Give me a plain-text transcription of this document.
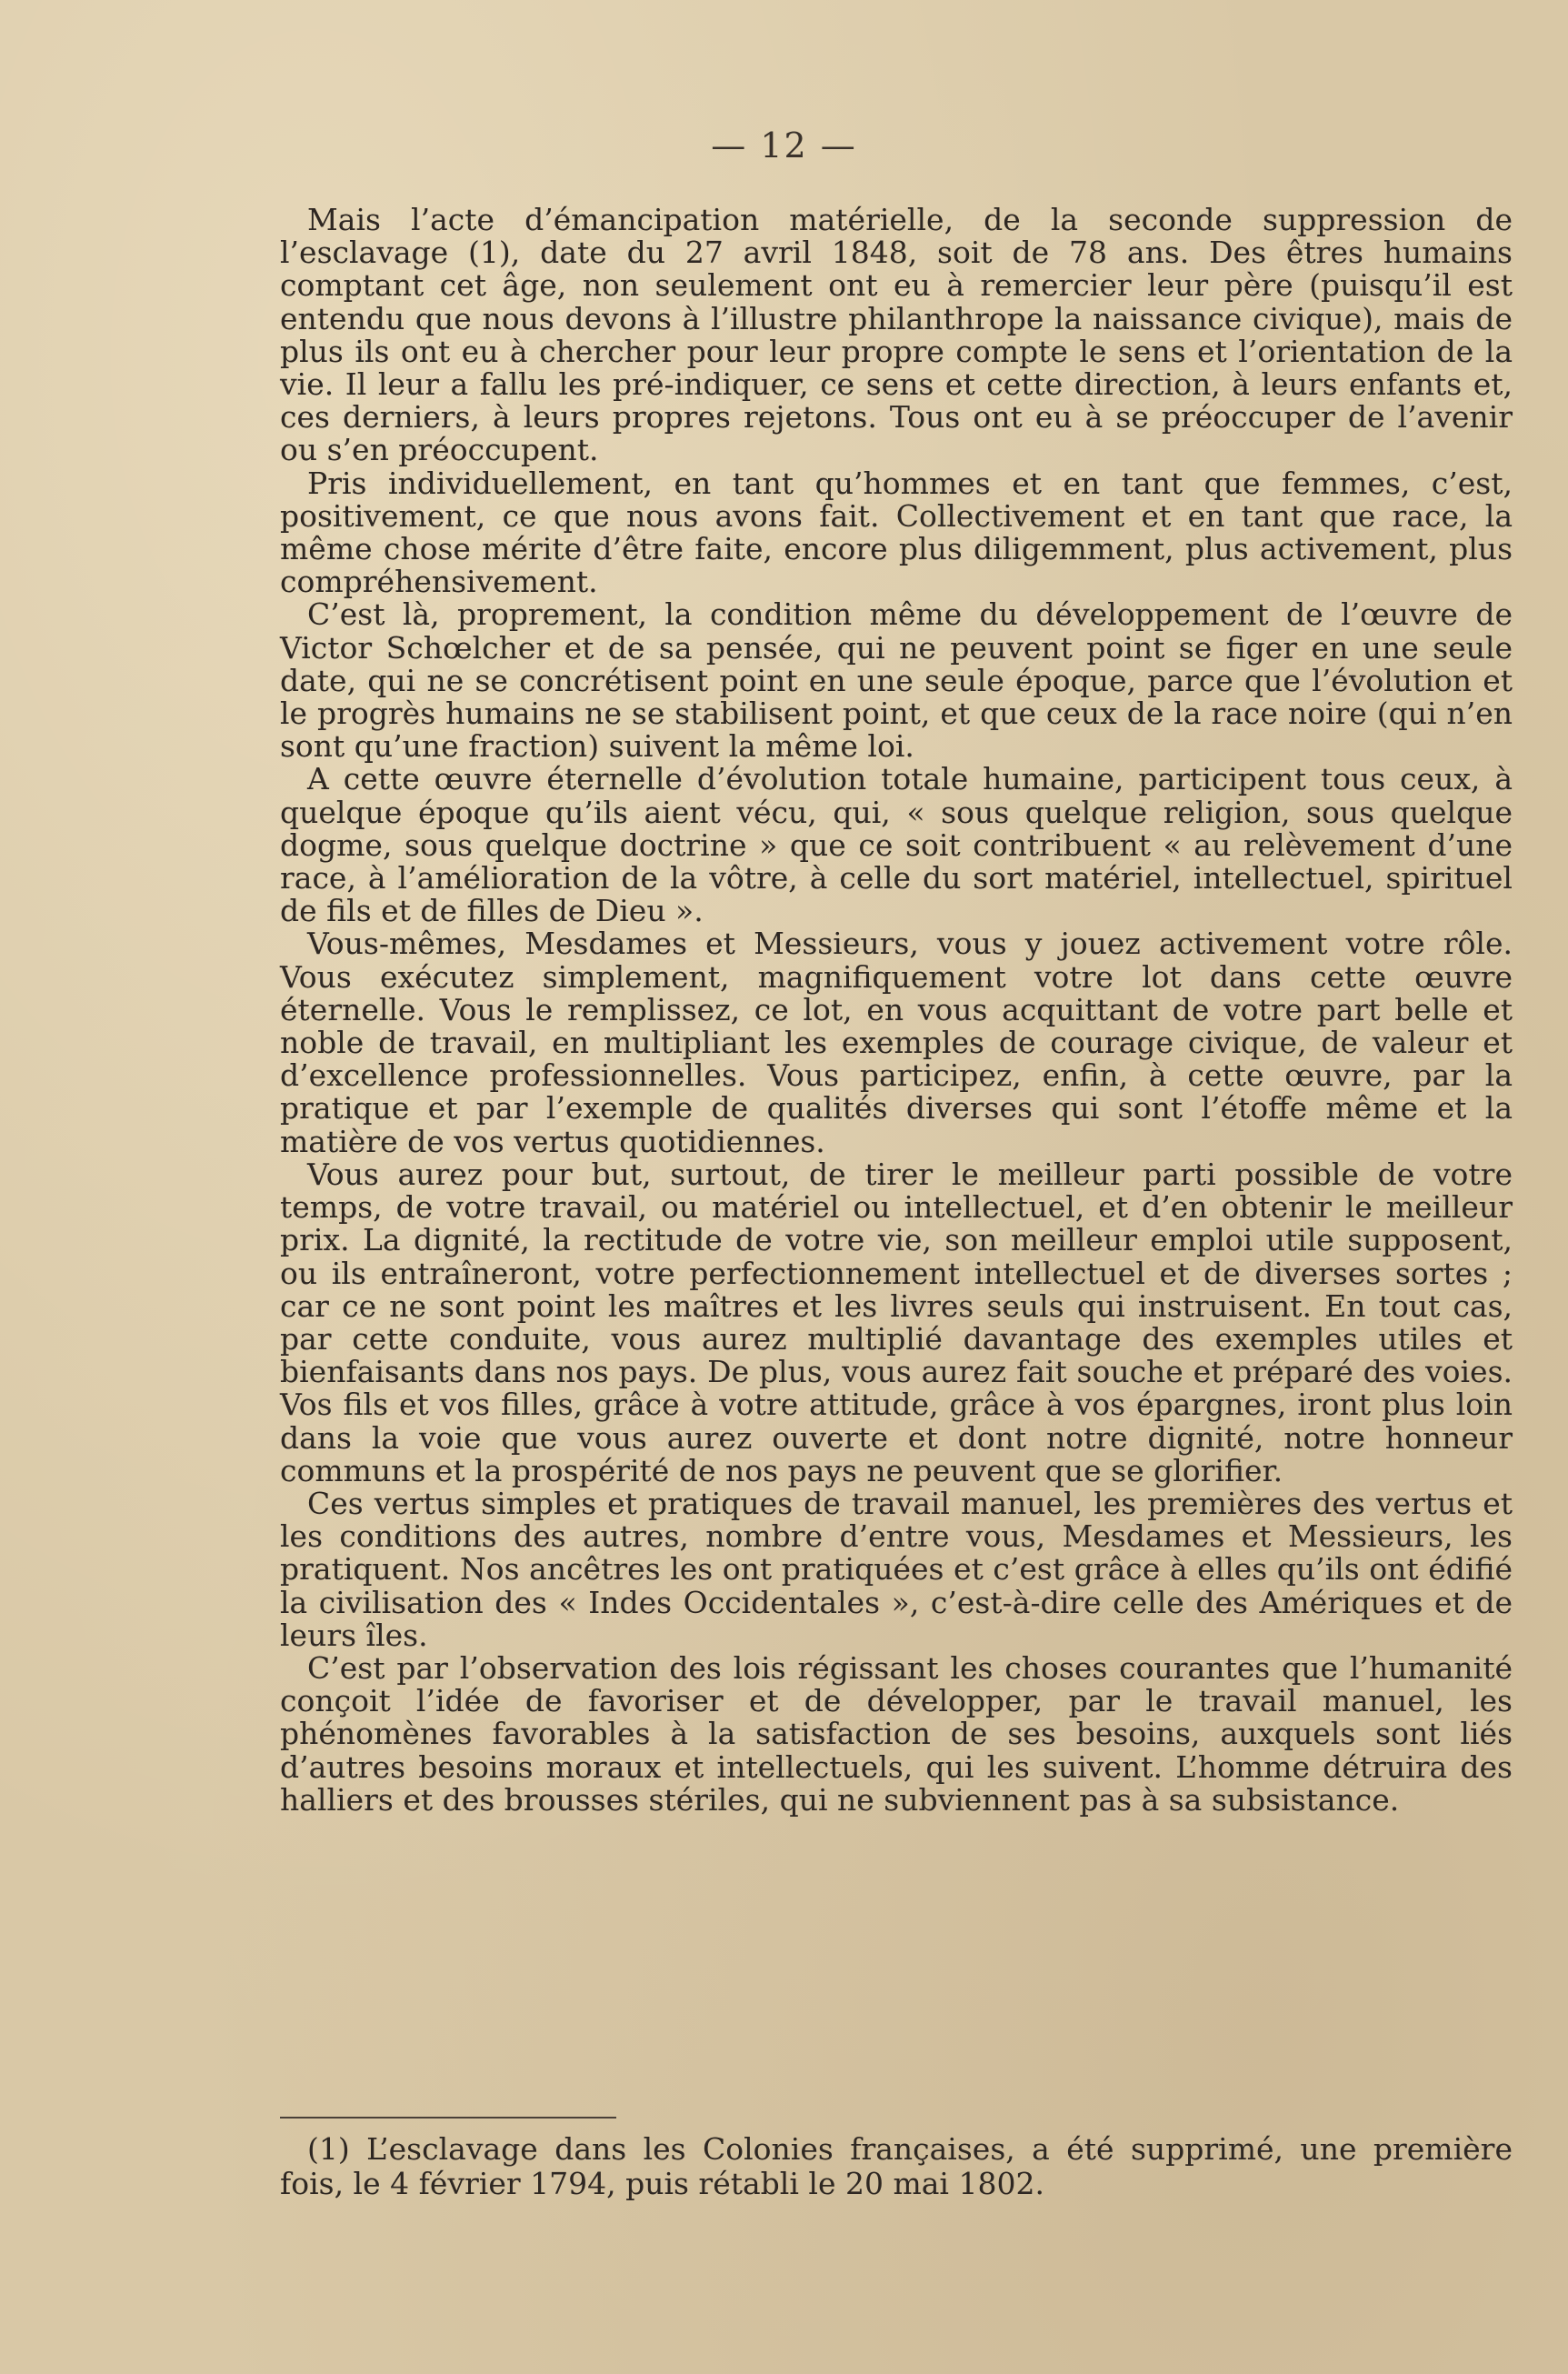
— 12 —

Mais l’acte d’émancipation matérielle, de la seconde suppression de l’esclavage (1), date du 27 avril 1848, soit de 78 ans. Des êtres humains comptant cet âge, non seulement ont eu à remercier leur père (puisqu’il est entendu que nous devons à l’illustre philanthrope la naissance civique), mais de plus ils ont eu à chercher pour leur propre compte le sens et l’orientation de la vie. Il leur a fallu les pré-indiquer, ce sens et cette direction, à leurs enfants et, ces derniers, à leurs propres rejetons. Tous ont eu à se préoccuper de l’avenir ou s’en préoccupent.

Pris individuellement, en tant qu’hommes et en tant que femmes, c’est, positivement, ce que nous avons fait. Collectivement et en tant que race, la même chose mérite d’être faite, encore plus diligemment, plus activement, plus compréhensivement.

C’est là, proprement, la condition même du développement de l’œuvre de Victor Schœlcher et de sa pensée, qui ne peuvent point se figer en une seule date, qui ne se concrétisent point en une seule époque, parce que l’évolution et le progrès humains ne se stabilisent point, et que ceux de la race noire (qui n’en sont qu’une fraction) suivent la même loi.

A cette œuvre éternelle d’évolution totale humaine, participent tous ceux, à quelque époque qu’ils aient vécu, qui, « sous quelque religion, sous quelque dogme, sous quelque doctrine » que ce soit contribuent « au relèvement d’une race, à l’amélioration de la vôtre, à celle du sort matériel, intellectuel, spirituel de fils et de filles de Dieu ».

Vous-mêmes, Mesdames et Messieurs, vous y jouez activement votre rôle. Vous exécutez simplement, magnifiquement votre lot dans cette œuvre éternelle. Vous le remplissez, ce lot, en vous acquittant de votre part belle et noble de travail, en multipliant les exemples de courage civique, de valeur et d’excellence professionnelles. Vous participez, enfin, à cette œuvre, par la pratique et par l’exemple de qualités diverses qui sont l’étoffe même et la matière de vos vertus quotidiennes.

Vous aurez pour but, surtout, de tirer le meilleur parti possible de votre temps, de votre travail, ou matériel ou intellectuel, et d’en obtenir le meilleur prix. La dignité, la rectitude de votre vie, son meilleur emploi utile supposent, ou ils entraîneront, votre perfectionnement intellectuel et de diverses sortes ; car ce ne sont point les maîtres et les livres seuls qui instruisent. En tout cas, par cette conduite, vous aurez multiplié davantage des exemples utiles et bienfaisants dans nos pays. De plus, vous aurez fait souche et préparé des voies. Vos fils et vos filles, grâce à votre attitude, grâce à vos épargnes, iront plus loin dans la voie que vous aurez ouverte et dont notre dignité, notre honneur communs et la prospérité de nos pays ne peuvent que se glorifier.

Ces vertus simples et pratiques de travail manuel, les premières des vertus et les conditions des autres, nombre d’entre vous, Mesdames et Messieurs, les pratiquent. Nos ancêtres les ont pratiquées et c’est grâce à elles qu’ils ont édifié la civilisation des « Indes Occidentales », c’est-à-dire celle des Amériques et de leurs îles.

C’est par l’observation des lois régissant les choses courantes que l’humanité conçoit l’idée de favoriser et de développer, par le travail manuel, les phénomènes favorables à la satisfaction de ses besoins, auxquels sont liés d’autres besoins moraux et intellectuels, qui les suivent. L’homme détruira des halliers et des brousses stériles, qui ne subviennent pas à sa subsistance.

(1) L’esclavage dans les Colonies françaises, a été supprimé, une première fois, le 4 février 1794, puis rétabli le 20 mai 1802.
